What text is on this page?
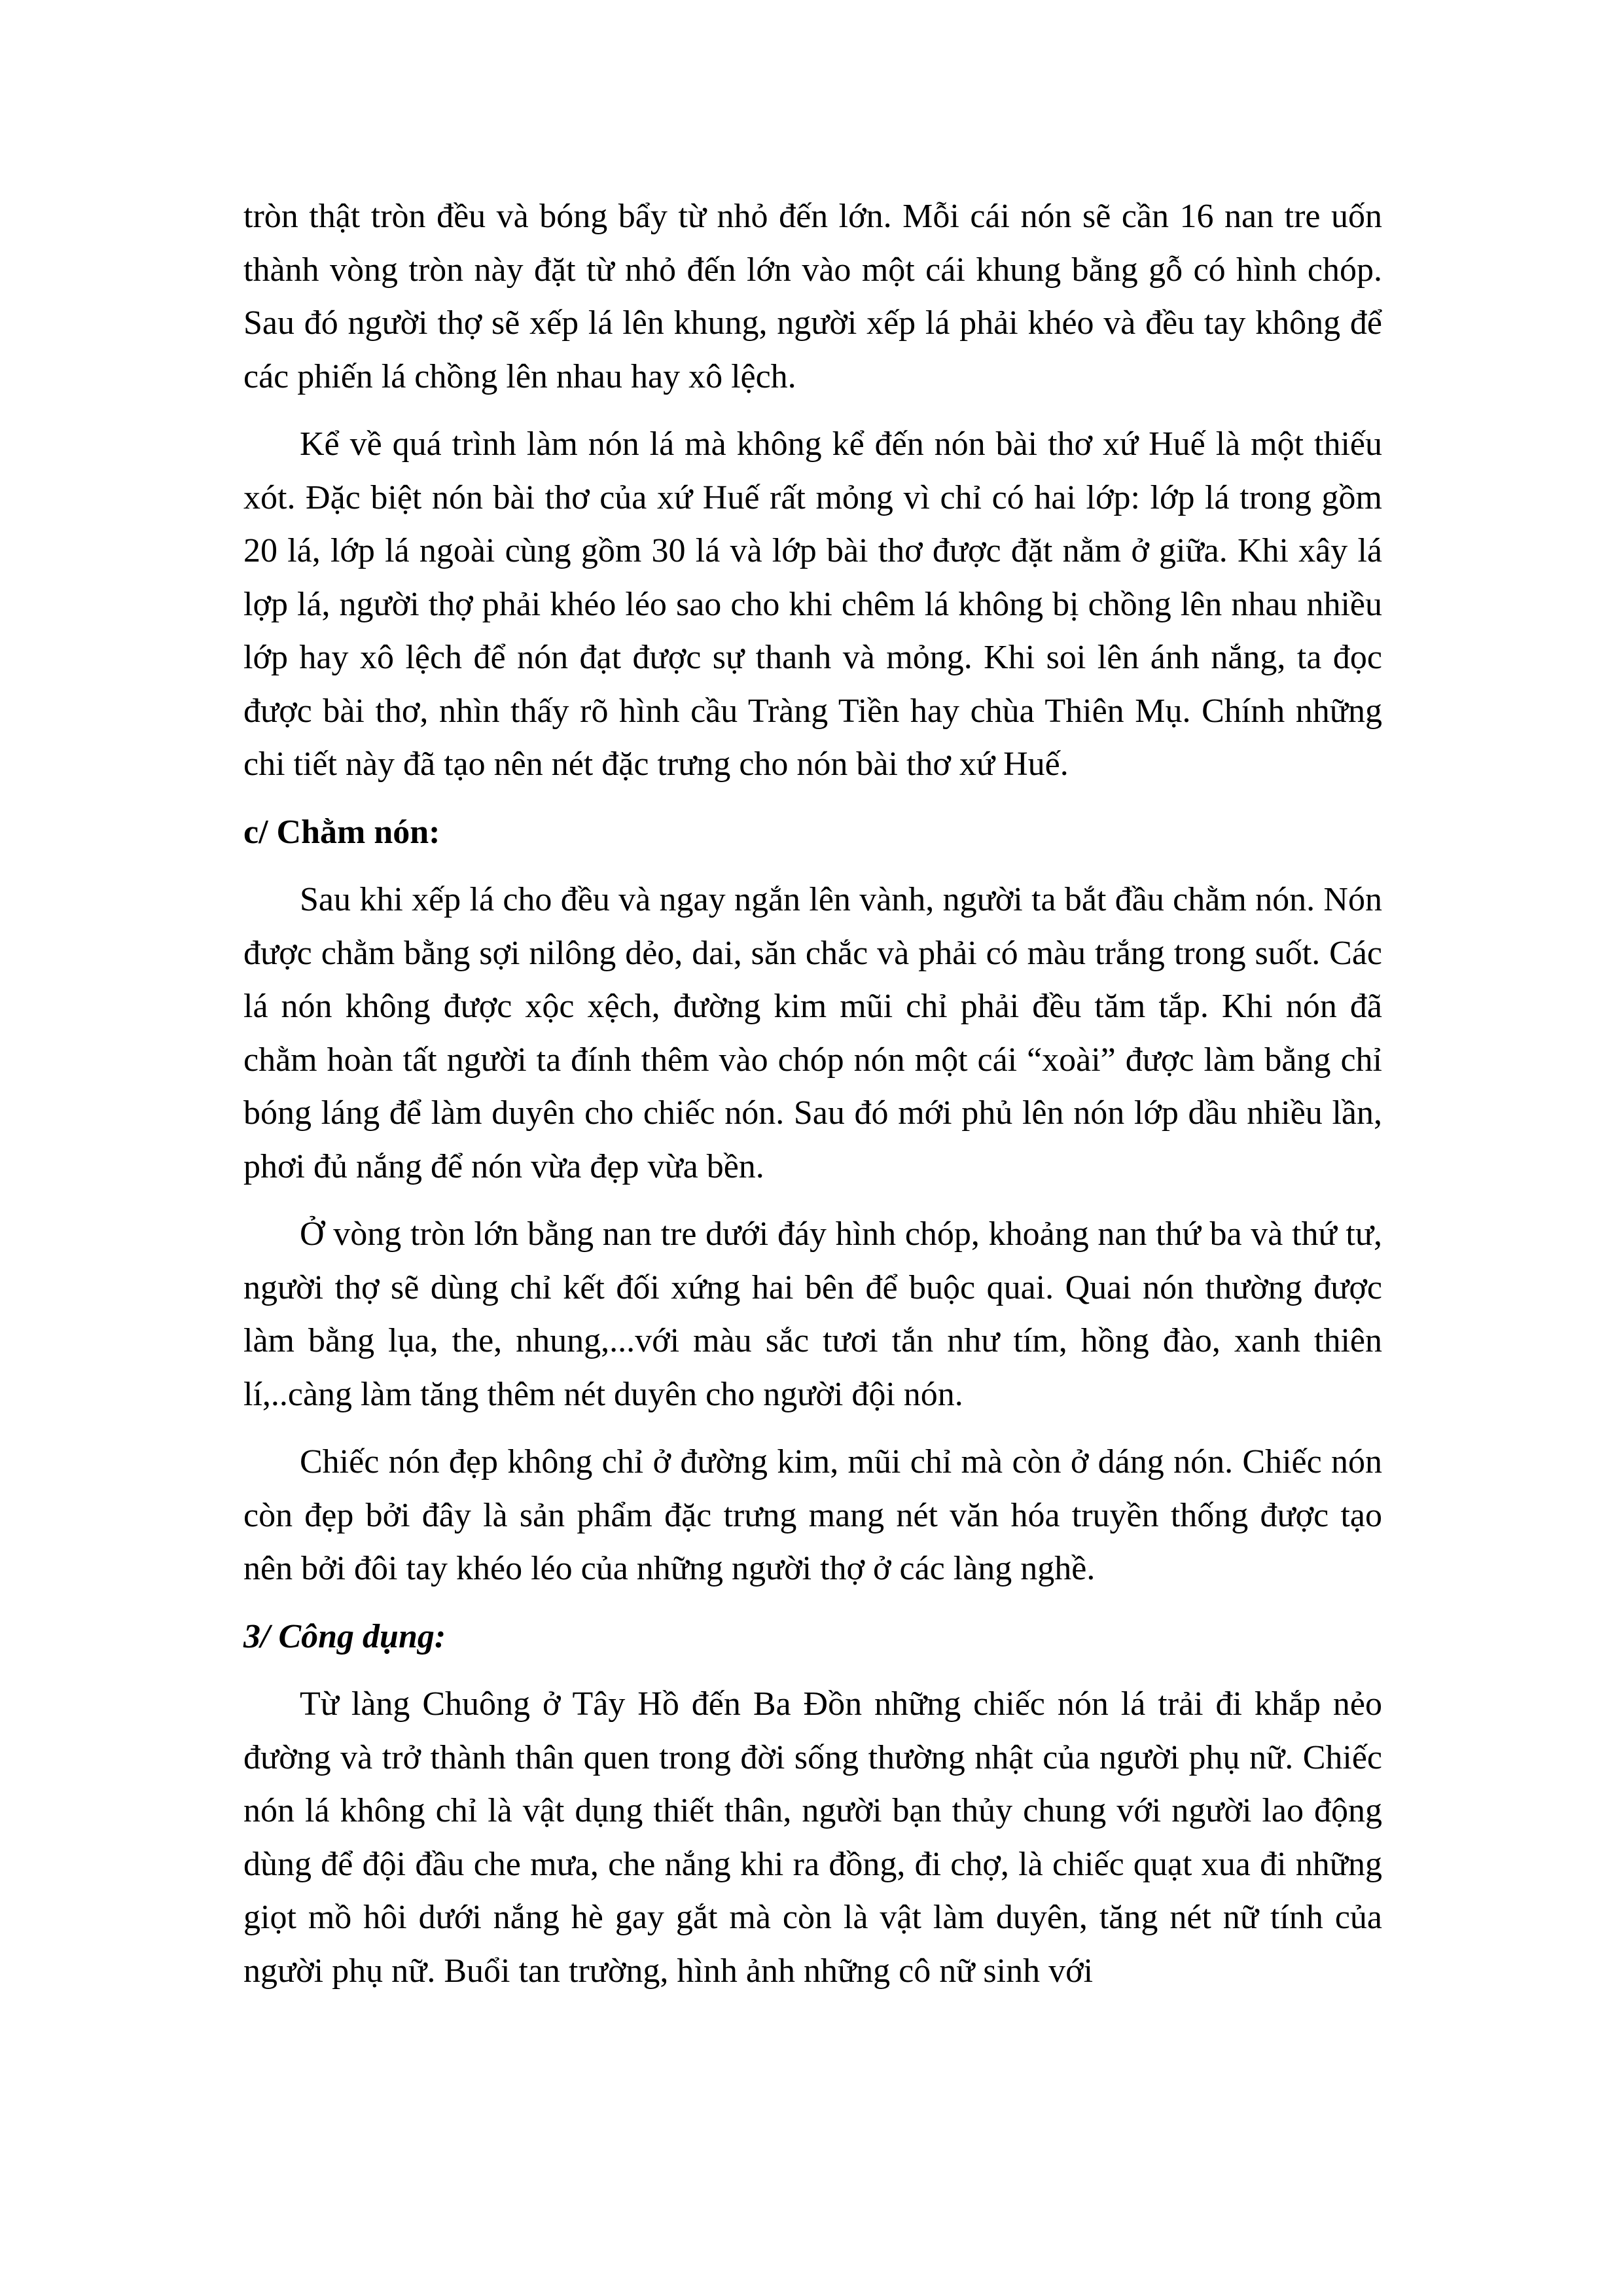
tròn thật tròn đều và bóng bẩy từ nhỏ đến lớn. Mỗi cái nón sẽ cần 16 nan tre uốn thành vòng tròn này đặt từ nhỏ đến lớn vào một cái khung bằng gỗ có hình chóp. Sau đó người thợ sẽ xếp lá lên khung, người xếp lá phải khéo và đều tay không để các phiến lá chồng lên nhau hay xô lệch.

Kể về quá trình làm nón lá mà không kể đến nón bài thơ xứ Huế là một thiếu xót. Đặc biệt nón bài thơ của xứ Huế rất mỏng vì chỉ có hai lớp: lớp lá trong gồm 20 lá, lớp lá ngoài cùng gồm 30 lá và lớp bài thơ được đặt nằm ở giữa. Khi xây lá lợp lá, người thợ phải khéo léo sao cho khi chêm lá không bị chồng lên nhau nhiều lớp hay xô lệch để nón đạt được sự thanh và mỏng. Khi soi lên ánh nắng, ta đọc được bài thơ, nhìn thấy rõ hình cầu Tràng Tiền hay chùa Thiên Mụ. Chính những chi tiết này đã tạo nên nét đặc trưng cho nón bài thơ xứ Huế.

c/ Chằm nón:

Sau khi xếp lá cho đều và ngay ngắn lên vành, người ta bắt đầu chằm nón. Nón được chằm bằng sợi nilông dẻo, dai, săn chắc và phải có màu trắng trong suốt. Các lá nón không được xộc xệch, đường kim mũi chỉ phải đều tăm tắp. Khi nón đã chằm hoàn tất người ta đính thêm vào chóp nón một cái “xoài” được làm bằng chỉ bóng láng để làm duyên cho chiếc nón. Sau đó mới phủ lên nón lớp dầu nhiều lần, phơi đủ nắng để nón vừa đẹp vừa bền.

Ở vòng tròn lớn bằng nan tre dưới đáy hình chóp, khoảng nan thứ ba và thứ tư, người thợ sẽ dùng chỉ kết đối xứng hai bên để buộc quai. Quai nón thường được làm bằng lụa, the, nhung,...với màu sắc tươi tắn như tím, hồng đào, xanh thiên lí,..càng làm tăng thêm nét duyên cho người đội nón.

Chiếc nón đẹp không chỉ ở đường kim, mũi chỉ mà còn ở dáng nón. Chiếc nón còn đẹp bởi đây là sản phẩm đặc trưng mang nét văn hóa truyền thống được tạo nên bởi đôi tay khéo léo của những người thợ ở các làng nghề.

3/ Công dụng:

Từ làng Chuông ở Tây Hồ đến Ba Đồn những chiếc nón lá trải đi khắp nẻo đường và trở thành thân quen trong đời sống thường nhật của người phụ nữ. Chiếc nón lá không chỉ là vật dụng thiết thân, người bạn thủy chung với người lao động dùng để đội đầu che mưa, che nắng khi ra đồng, đi chợ, là chiếc quạt xua đi những giọt mồ hôi dưới nắng hè gay gắt mà còn là vật làm duyên, tăng nét nữ tính của người phụ nữ. Buổi tan trường, hình ảnh những cô nữ sinh với
